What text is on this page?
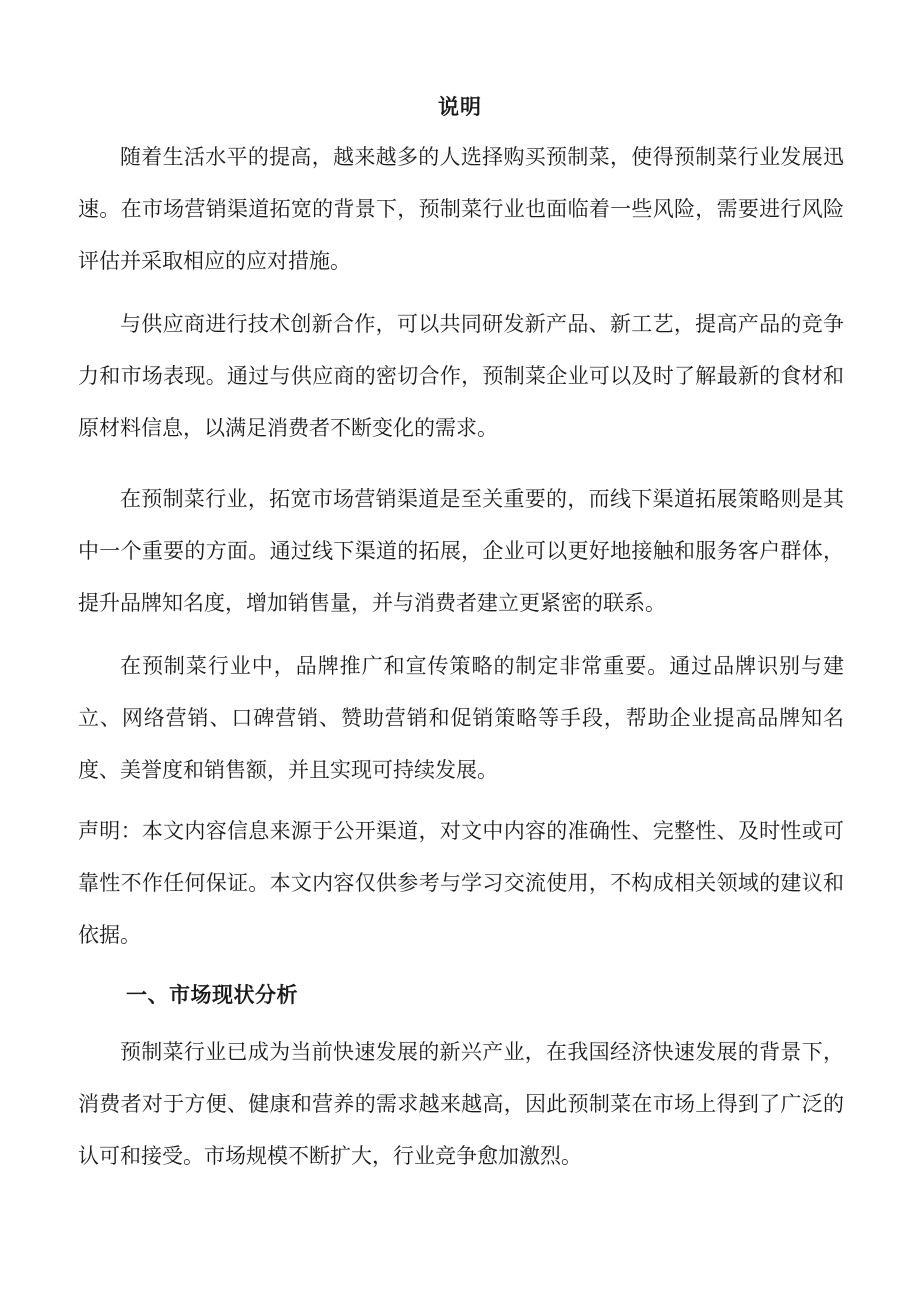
说明
随着生活水平的提高，越来越多的人选择购买预制菜，使得预制菜行业发展迅速。在市场营销渠道拓宽的背景下，预制菜行业也面临着一些风险，需要进行风险评估并采取相应的应对措施。
与供应商进行技术创新合作，可以共同研发新产品、新工艺，提高产品的竞争力和市场表现。通过与供应商的密切合作，预制菜企业可以及时了解最新的食材和原材料信息，以满足消费者不断变化的需求。
在预制菜行业，拓宽市场营销渠道是至关重要的，而线下渠道拓展策略则是其中一个重要的方面。通过线下渠道的拓展，企业可以更好地接触和服务客户群体，提升品牌知名度，增加销售量，并与消费者建立更紧密的联系。
在预制菜行业中，品牌推广和宣传策略的制定非常重要。通过品牌识别与建立、网络营销、口碑营销、赞助营销和促销策略等手段，帮助企业提高品牌知名度、美誉度和销售额，并且实现可持续发展。
声明：本文内容信息来源于公开渠道，对文中内容的准确性、完整性、及时性或可靠性不作任何保证。本文内容仅供参考与学习交流使用，不构成相关领域的建议和依据。
一、市场现状分析
预制菜行业已成为当前快速发展的新兴产业，在我国经济快速发展的背景下，消费者对于方便、健康和营养的需求越来越高，因此预制菜在市场上得到了广泛的认可和接受。市场规模不断扩大，行业竞争愈加激烈。
